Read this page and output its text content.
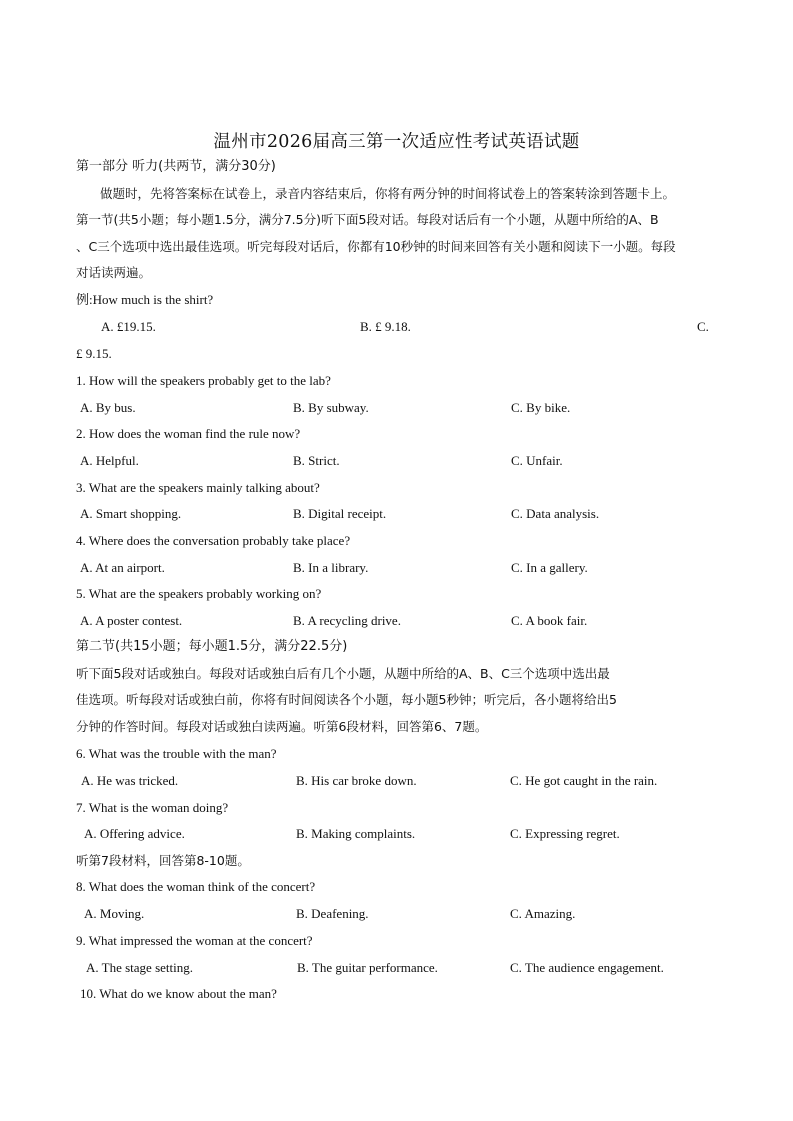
温州市2026届高三第一次适应性考试英语试题
第一部分 听力(共两节，满分30分)
做题时，先将答案标在试卷上，录音内容结束后，你将有两分钟的时间将试卷上的答案转涂到答题卡上。
第一节(共5小题；每小题1.5分，满分7.5分)听下面5段对话。每段对话后有一个小题，从题中所给的A、B
、C三个选项中选出最佳选项。听完每段对话后，你都有10秒钟的时间来回答有关小题和阅读下一小题。每段
对话读两遍。
例:How much is the shirt?
A. £19.15.	B. £ 9.18.	C.
£ 9.15.
1. How will the speakers probably get to the lab?
A. By bus.	B. By subway.	C. By bike.
2. How does the woman find the rule now?
A. Helpful.	B. Strict.	C. Unfair.
3. What are the speakers mainly talking about?
A. Smart shopping.	B. Digital receipt.	C. Data analysis.
4. Where does the conversation probably take place?
A. At an airport.	B. In a library.	C. In a gallery.
5. What are the speakers probably working on?
A. A poster contest.	B. A recycling drive.	C. A book fair.
第二节(共15小题；每小题1.5分，满分22.5分)
听下面5段对话或独白。每段对话或独白后有几个小题，从题中所给的A、B、C三个选项中选出最
佳选项。听每段对话或独白前，你将有时间阅读各个小题，每小题5秒钟；听完后，各小题将给出5
分钟的作答时间。每段对话或独白读两遍。听第6段材料，回答第6、7题。
6. What was the trouble with the man?
A. He was tricked.	B. His car broke down.	C. He got caught in the rain.
7. What is the woman doing?
A. Offering advice.	B. Making complaints.	C. Expressing regret.
听第7段材料，回答第8-10题。
8. What does the woman think of the concert?
A. Moving.	B. Deafening.	C. Amazing.
9. What impressed the woman at the concert?
A. The stage setting.	B. The guitar performance.	C. The audience engagement.
10. What do we know about the man?
